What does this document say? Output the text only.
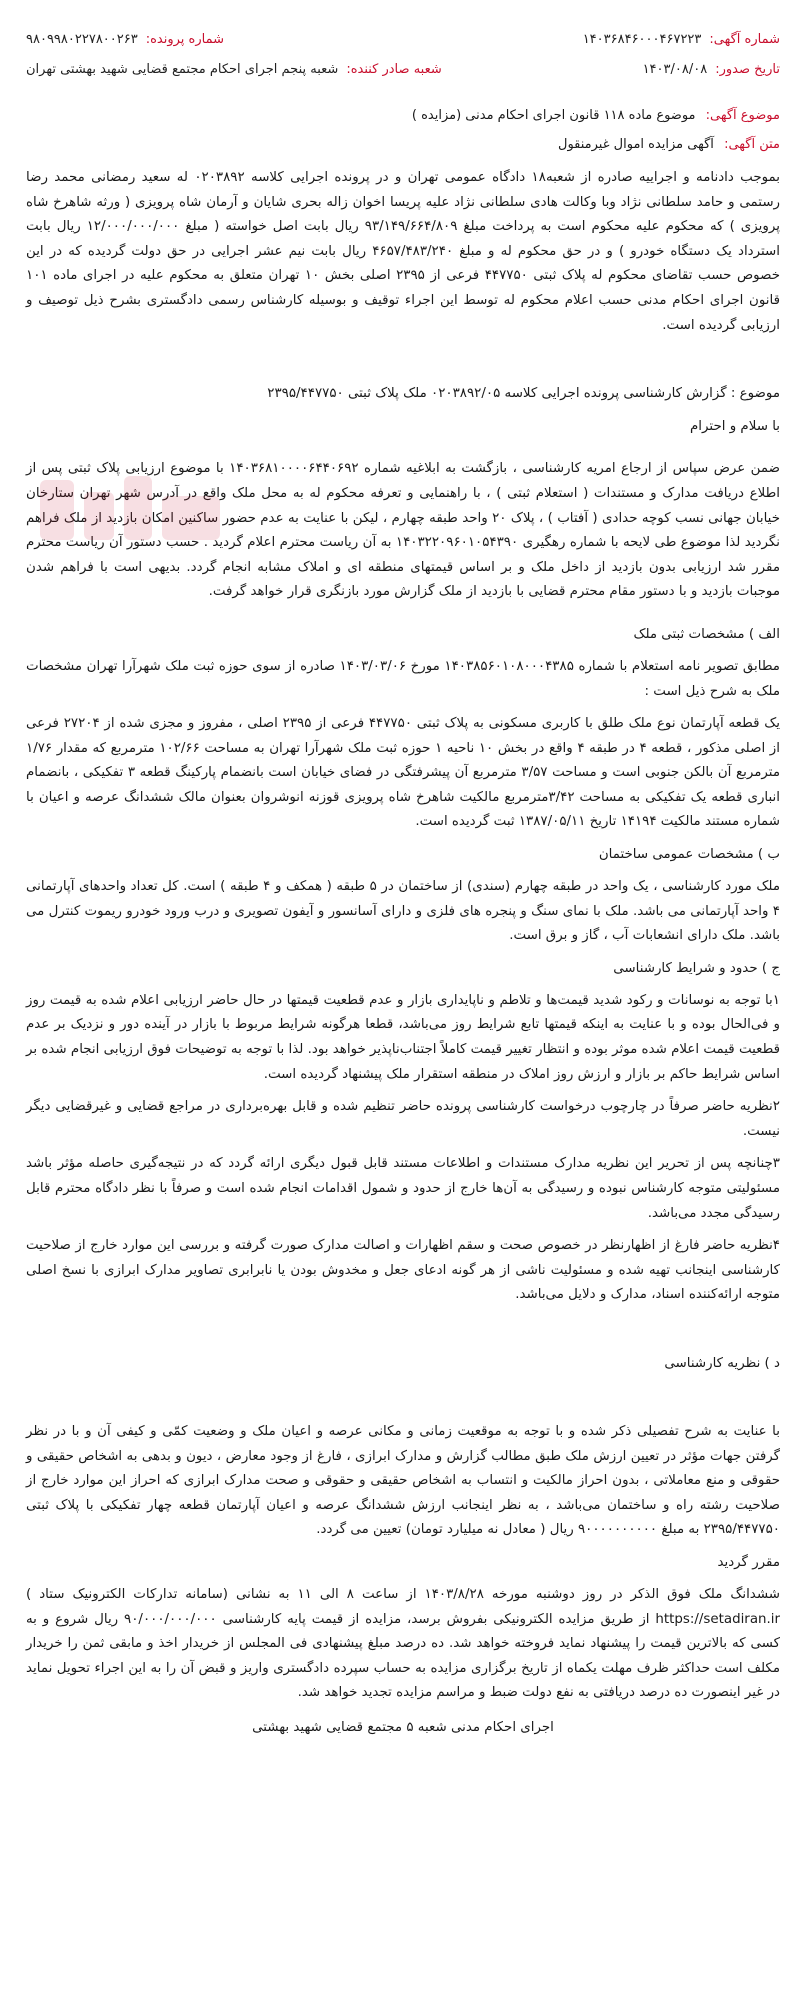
شماره آگهی:
۱۴۰۳۶۸۴۶۰۰۰۴۶۷۲۲۳
شماره پرونده:
۹۸۰۹۹۸۰۲۲۷۸۰۰۲۶۳
تاریخ صدور:
۱۴۰۳/۰۸/۰۸
شعبه صادر کننده:
شعبه پنجم اجرای احکام مجتمع قضایی شهید بهشتی تهران
موضوع آگهی: موضوع ماده ۱۱۸ قانون اجرای احکام مدنی (مزایده )
متن آگهی: آگهی مزایده اموال غیرمنقول

بموجب دادنامه و اجراییه صادره از شعبه۱۸ دادگاه عمومی تهران و در پرونده اجرایی کلاسه ۰۲۰۳۸۹۲ له سعید رمضانی محمد رضا رستمی و حامد سلطانی نژاد وبا وکالت هادی سلطانی نژاد علیه پریسا اخوان زاله بحری شایان و آرمان شاه پرویزی ( ورثه شاهرخ شاه پرویزی ) که محکوم علیه محکوم است به پرداخت مبلغ ۹۳/۱۴۹/۶۶۴/۸۰۹ ریال بابت اصل خواسته ( مبلغ ۱۲/۰۰۰/۰۰۰/۰۰۰ ریال بابت استرداد یک دستگاه خودرو ) و در حق محکوم له و مبلغ ۴۶۵۷/۴۸۳/۲۴۰ ریال بابت نیم عشر اجرایی در حق دولت گردیده که در این خصوص حسب تقاضای محکوم له پلاک ثبتی ۴۴۷۷۵۰ فرعی از ۲۳۹۵ اصلی بخش ۱۰ تهران متعلق به محکوم علیه در اجرای ماده ۱۰۱ قانون اجرای احکام مدنی حسب اعلام محکوم له توسط این اجراء توقیف و بوسیله کارشناس رسمی دادگستری بشرح ذیل توصیف و ارزیابی گردیده است.

موضوع : گزارش کارشناسی پرونده اجرایی کلاسه ۰۲۰۳۸۹۲/۰۵ ملک پلاک ثبتی ۲۳۹۵/۴۴۷۷۵۰

با سلام و احترام

ضمن عرض سپاس از ارجاع امریه کارشناسی ، بازگشت به ابلاغیه شماره ۱۴۰۳۶۸۱۰۰۰۰۶۴۴۰۶۹۲ با موضوع ارزیابی پلاک ثبتی پس از اطلاع دریافت مدارک و مستندات ( استعلام ثبتی ) ، با راهنمایی و تعرفه محکوم له به محل ملک واقع در آدرس شهر تهران ستارخان خیابان جهانی نسب کوچه حدادی ( آفتاب ) ، پلاک ۲۰ واحد طبقه چهارم ، لیکن با عنایت به عدم حضور ساکنین امکان بازدید از ملک فراهم نگردید لذا موضوع طی لایحه با شماره رهگیری ۱۴۰۳۲۲۰۹۶۰۱۰۵۴۳۹۰ به آن ریاست محترم اعلام گردید . حسب دستور آن ریاست محترم مقرر شد ارزیابی بدون بازدید از داخل ملک و بر اساس قیمتهای منطقه ای و املاک مشابه انجام گردد. بدیهی است با فراهم شدن موجبات بازدید و با دستور مقام محترم قضایی با بازدید از ملک گزارش مورد بازنگری قرار خواهد گرفت.

الف ) مشخصات ثبتی ملک

مطابق تصویر نامه استعلام با شماره ۱۴۰۳۸۵۶۰۱۰۸۰۰۰۴۳۸۵ مورخ ۱۴۰۳/۰۳/۰۶ صادره از سوی حوزه ثبت ملک شهرآرا تهران مشخصات ملک به شرح ذیل است :

یک قطعه آپارتمان نوع ملک طلق با کاربری مسکونی به پلاک ثبتی ۴۴۷۷۵۰ فرعی از ۲۳۹۵ اصلی ، مفروز و مجزی شده از ۲۷۲۰۴ فرعی از اصلی مذکور ، قطعه ۴ در طبقه ۴ واقع در بخش ۱۰ ناحیه ۱ حوزه ثبت ملک شهرآرا تهران به مساحت ۱۰۲/۶۶ مترمربع که مقدار ۱/۷۶ مترمربع آن بالکن جنوبی است و مساحت ۳/۵۷ مترمربع آن پیشرفتگی در فضای خیابان است بانضمام پارکینگ قطعه ۳ تفکیکی ، بانضمام انباری قطعه یک تفکیکی به مساحت ۳/۴۲مترمربع مالکیت شاهرخ شاه پرویزی قوزنه انوشروان بعنوان مالک ششدانگ عرصه و اعیان با شماره مستند مالکیت ۱۴۱۹۴ تاریخ ۱۳۸۷/۰۵/۱۱ ثبت گردیده است.

ب ) مشخصات عمومی ساختمان

ملک مورد کارشناسی ، یک واحد در طبقه چهارم (سندی) از ساختمان در ۵ طبقه ( همکف و ۴ طبقه ) است. کل تعداد واحدهای آپارتمانی ۴ واحد آپارتمانی می باشد. ملک با نمای سنگ و پنجره های فلزی و دارای آسانسور و آیفون تصویری و درب ورود خودرو ریموت کنترل می باشد. ملک دارای انشعابات آب ، گاز و برق است.

ج ) حدود و شرایط کارشناسی

۱با توجه به نوسانات و رکود شدید قیمت‌ها و تلاطم و ناپایداری بازار و عدم قطعیت قیمتها در حال حاضر ارزیابی اعلام شده به قیمت روز و فی‌الحال بوده و با عنایت به اینکه قیمتها تابع شرایط روز می‌باشد، قطعا هرگونه شرایط مربوط با بازار در آینده دور و نزدیک بر عدم قطعیت قیمت اعلام شده موثر بوده و انتظار تغییر قیمت کاملاً اجتناب‌ناپذیر خواهد بود. لذا با توجه به توضیحات فوق ارزیابی انجام شده بر اساس شرایط حاکم بر بازار و ارزش روز املاک در منطقه استقرار ملک پیشنهاد گردیده است.

۲نظریه حاضر صرفاً در چارچوب درخواست کارشناسی پرونده حاضر تنظیم شده و قابل بهره‌برداری در مراجع قضایی و غیرقضایی دیگر نیست.

۳چنانچه پس از تحریر این نظریه مدارک مستندات و اطلاعات مستند قابل قبول دیگری ارائه گردد که در نتیجه‌گیری حاصله مؤثر باشد مسئولیتی متوجه کارشناس نبوده و رسیدگی به آن‌ها خارج از حدود و شمول اقدامات انجام شده است و صرفاً با نظر دادگاه محترم قابل رسیدگی مجدد می‌باشد.

۴نظریه حاضر فارغ از اظهارنظر در خصوص صحت و سقم اظهارات و اصالت مدارک صورت گرفته و بررسی این موارد خارج از صلاحیت کارشناسی اینجانب تهیه شده و مسئولیت ناشی از هر گونه ادعای جعل و مخدوش بودن یا نابرابری تصاویر مدارک ابرازی با نسخ اصلی متوجه ارائه‌کننده اسناد، مدارک و دلایل می‌باشد.

د ) نظریه کارشناسی

با عنایت به شرح تفصیلی ذکر شده و با توجه به موقعیت زمانی و مکانی عرصه و اعیان ملک و وضعیت کمّی و کیفی آن و با در نظر گرفتن جهات مؤثر در تعیین ارزش ملک طبق مطالب گزارش و مدارک ابرازی ، فارغ از وجود معارض ، دیون و بدهی به اشخاص حقیقی و حقوقی و منع معاملاتی ، بدون احراز مالکیت و انتساب به اشخاص حقیقی و حقوقی و صحت مدارک ابرازی که احراز این موارد خارج از صلاحیت رشته راه و ساختمان می‌باشد ، به نظر اینجانب ارزش ششدانگ عرصه و اعیان آپارتمان قطعه چهار تفکیکی با پلاک ثبتی ۲۳۹۵/۴۴۷۷۵۰ به مبلغ ۹۰۰۰۰۰۰۰۰۰۰ ریال ( معادل نه میلیارد تومان) تعیین می گردد.

مقرر گردید

ششدانگ ملک فوق الذکر در روز دوشنبه مورخه ۱۴۰۳/۸/۲۸ از ساعت ۸ الی ۱۱ به نشانی (سامانه تدارکات الکترونیک ستاد ) https://setadiran.ir از طریق مزایده الکترونیکی بفروش برسد، مزایده از قیمت پایه کارشناسی ۹۰/۰۰۰/۰۰۰/۰۰۰ ریال شروع و به کسی که بالاترین قیمت را پیشنهاد نماید فروخته خواهد شد. ده درصد مبلغ پیشنهادی فی المجلس از خریدار اخذ و مابقی ثمن را خریدار مکلف است حداکثر ظرف مهلت یکماه از تاریخ برگزاری مزایده به حساب سپرده دادگستری واریز و قبض آن را به این اجراء تحویل نماید در غیر اینصورت ده درصد دریافتی به نفع دولت ضبط و مراسم مزایده تجدید خواهد شد.

اجرای احکام مدنی شعبه ۵ مجتمع قضایی شهید بهشتی
